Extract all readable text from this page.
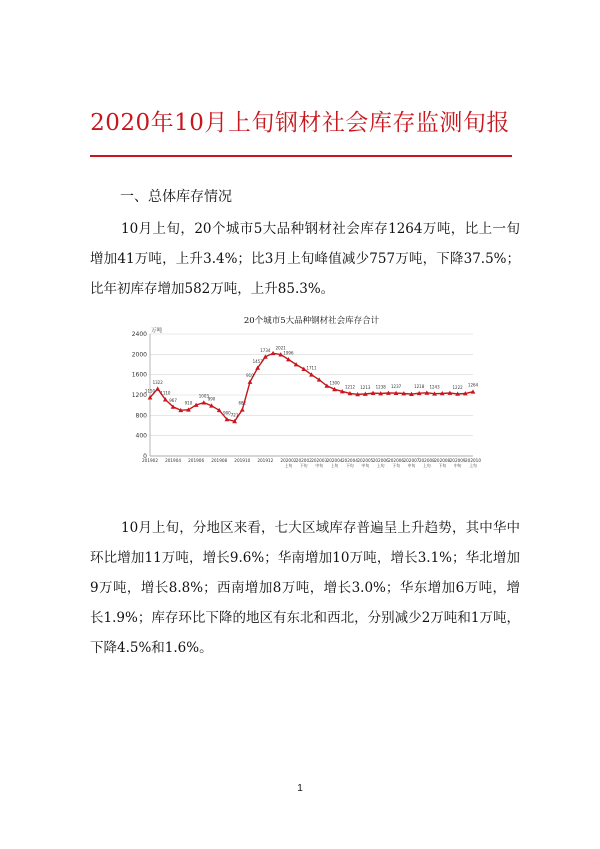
2020年10月上旬钢材社会库存监测旬报
一、总体库存情况
10月上旬，20个城市5大品种钢材社会库存1264万吨，比上一旬增加41万吨，上升3.4%；比3月上旬峰值减少757万吨，下降37.5%；比年初库存增加582万吨，上升85.3%。
20个城市5大品种钢材社会库存合计
万吨
0
400
800
1200
1600
2000
2400
201902 201904 201906 201908 201910 201912 202002
上旬
202002
下旬
202003
中旬
202004
上旬
202004
下旬
202005
中旬
202006
上旬
202006
下旬
202007
中旬
202008
上旬
202008
下旬
202009
中旬
202010
上旬
1150
1322
1110
967
910
1003
990
900 721
682
910
1457
1734 2021
1996
1711
1300
1212 1213 1238 1237	1218 1243	1222 1264
10月上旬，分地区来看，七大区域库存普遍呈上升趋势，其中华中环比增加11万吨，增长9.6%；华南增加10万吨，增长3.1%；华北增加9万吨，增长8.8%；西南增加8万吨，增长3.0%；华东增加6万吨，增长1.9%；库存环比下降的地区有东北和西北，分别减少2万吨和1万吨，下降4.5%和1.6%。
1
